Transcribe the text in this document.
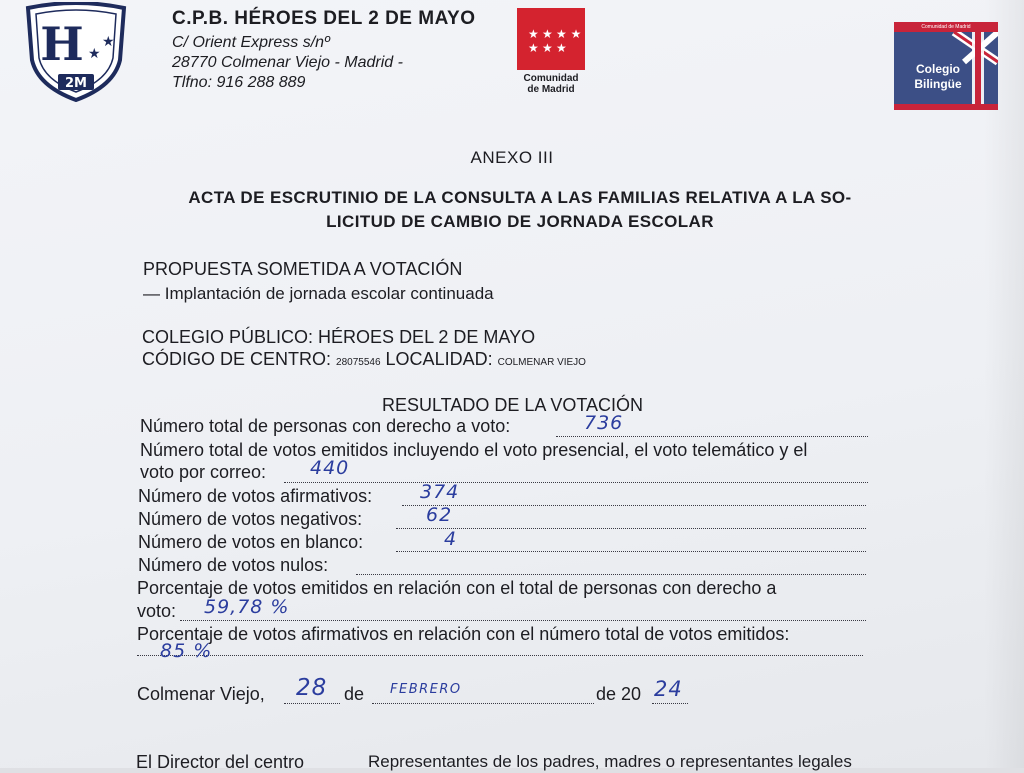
H ★
★
2M

C.P.B. HÉROES DEL 2 DE MAYO

C/ Orient Express s/nº

28770 Colmenar Viejo - Madrid -

Tlfno: 916 288 889

★ ★ ★ ★
★ ★ ★
Comunidad
de Madrid
Comunidad de Madrid
Colegio
Bilingüe
ANEXO III
ACTA DE ESCRUTINIO DE LA CONSULTA A LAS FAMILIAS RELATIVA A LA SO-
LICITUD DE CAMBIO DE JORNADA ESCOLAR
PROPUESTA SOMETIDA A VOTACIÓN
— Implantación de jornada escolar continuada
COLEGIO PÚBLICO: HÉROES DEL 2 DE MAYO
CÓDIGO DE CENTRO: 28075546 LOCALIDAD: COLMENAR VIEJO
RESULTADO DE LA VOTACIÓN
Número total de personas con derecho a voto:	736
Número total de votos emitidos incluyendo el voto presencial, el voto telemático y el
voto por correo: 440
Número de votos afirmativos:	374
Número de votos negativos:	62
Número de votos en blanco:	4
Número de votos nulos:
Porcentaje de votos emitidos en relación con el total de personas con derecho a
voto: 59,78 %
Porcentaje de votos afirmativos en relación con el número total de votos emitidos:
85 %
Colmenar Viejo, 28 de FEBRERO	de 20 24
El Director del centro	Representantes de los padres, madres o representantes legales
